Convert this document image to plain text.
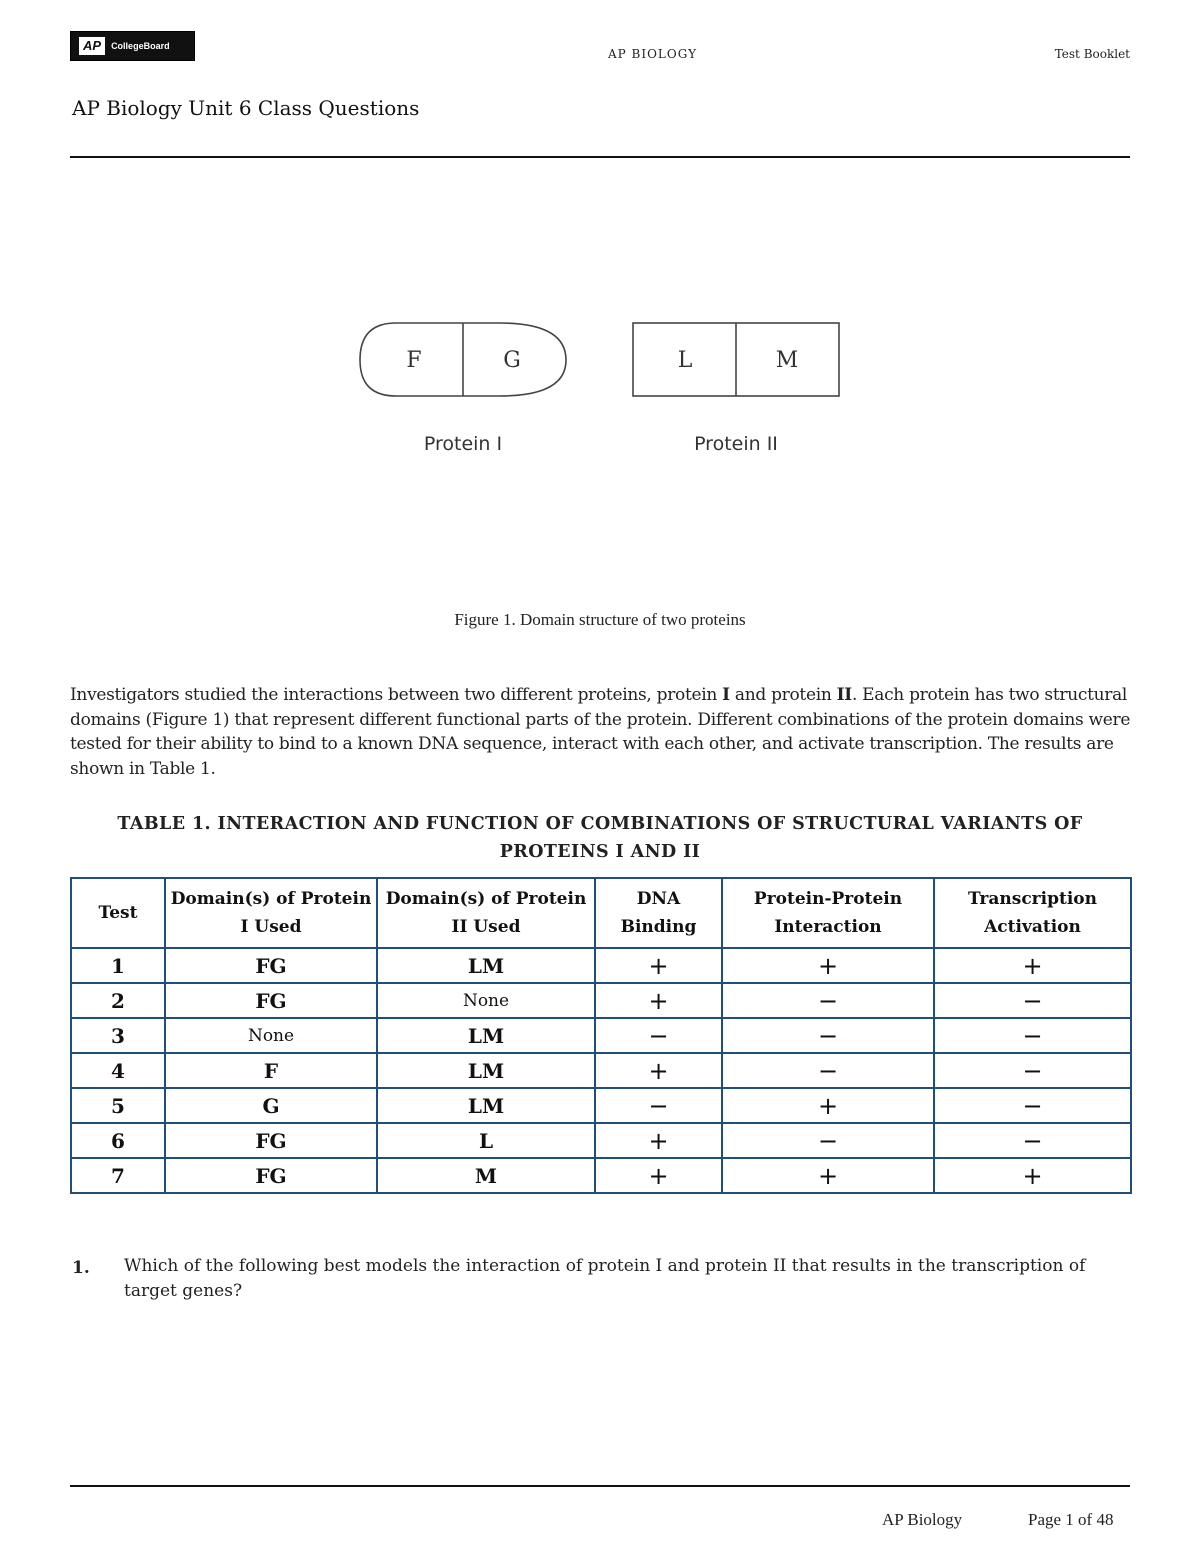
AP	CollegeBoard
AP BIOLOGY	Test Booklet
AP Biology Unit 6 Class Questions
F	G	L	M
Protein I	Protein II
Figure 1. Domain structure of two proteins
Investigators studied the interactions between two different proteins, protein I and protein II. Each protein has two structural domains (Figure 1) that represent different functional parts of the protein. Different combinations of the protein domains were tested for their ability to bind to a known DNA sequence, interact with each other, and activate transcription. The results are shown in Table 1.
TABLE 1. INTERACTION AND FUNCTION OF COMBINATIONS OF STRUCTURAL VARIANTS OF
PROTEINS I AND II
Test	Domain(s) of Protein I Used	Domain(s) of Protein II Used	DNA Binding	Protein-Protein Interaction	Transcription Activation
1	FG	LM	+	+	+
2	FG	None	+	−	−
3	None	LM	−	−	−
4	F	LM	+	−	−
5	G	LM	−	+	−
6	FG	L	+	−	−
7	FG	M	+	+	+
1. Which of the following best models the interaction of protein I and protein II that results in the transcription of target genes?
AP Biology	Page 1 of 48
